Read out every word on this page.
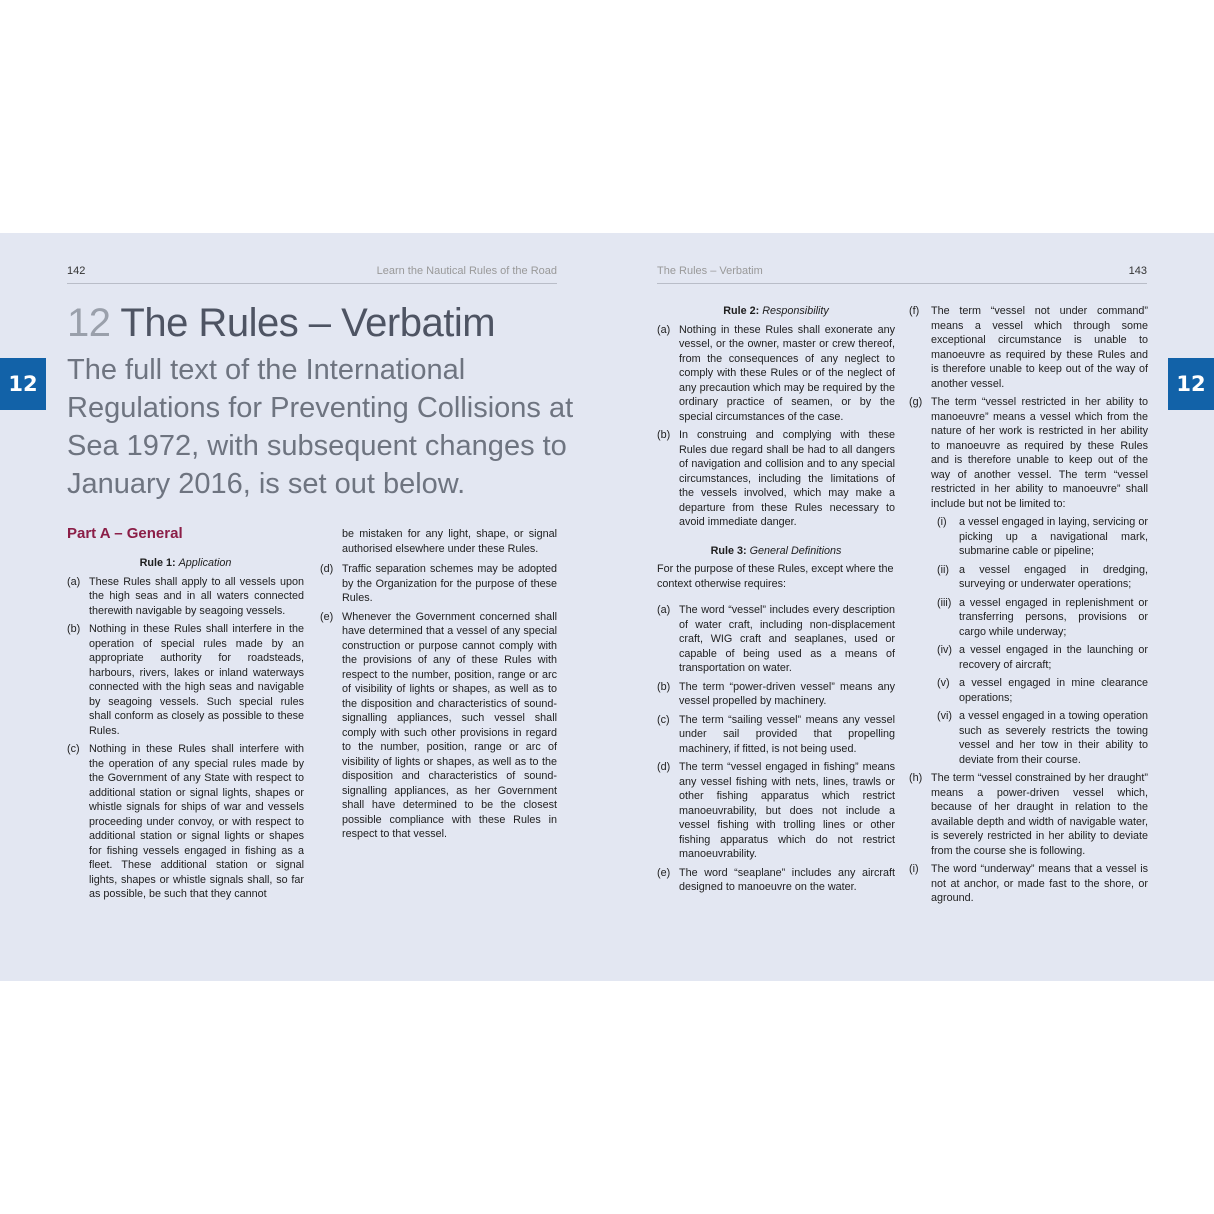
142	Learn the Nautical Rules of the Road
12
12 The Rules – Verbatim
The full text of the International Regulations for Preventing Collisions at Sea 1972, with subsequent changes to January 2016, is set out below.
Part A – General
Rule 1: Application
(a) These Rules shall apply to all vessels upon the high seas and in all waters connected therewith navigable by seagoing vessels.
(b) Nothing in these Rules shall interfere in the operation of special rules made by an appropriate authority for roadsteads, harbours, rivers, lakes or inland waterways connected with the high seas and navigable by seagoing vessels. Such special rules shall conform as closely as possible to these Rules.
(c) Nothing in these Rules shall interfere with the operation of any special rules made by the Government of any State with respect to additional station or signal lights, shapes or whistle signals for ships of war and vessels proceeding under convoy, or with respect to additional station or signal lights or shapes for fishing vessels engaged in fishing as a fleet. These additional station or signal lights, shapes or whistle signals shall, so far as possible, be such that they cannot
be mistaken for any light, shape, or signal authorised elsewhere under these Rules.
(d) Traffic separation schemes may be adopted by the Organization for the purpose of these Rules.
(e) Whenever the Government concerned shall have determined that a vessel of any special construction or purpose cannot comply with the provisions of any of these Rules with respect to the number, position, range or arc of visibility of lights or shapes, as well as to the disposition and characteristics of sound-signalling appliances, such vessel shall comply with such other provisions in regard to the number, position, range or arc of visibility of lights or shapes, as well as to the disposition and characteristics of sound-signalling appliances, as her Government shall have determined to be the closest possible compliance with these Rules in respect to that vessel.
The Rules – Verbatim	143
12
Rule 2: Responsibility
(a) Nothing in these Rules shall exonerate any vessel, or the owner, master or crew thereof, from the consequences of any neglect to comply with these Rules or of the neglect of any precaution which may be required by the ordinary practice of seamen, or by the special circumstances of the case.
(b) In construing and complying with these Rules due regard shall be had to all dangers of navigation and collision and to any special circumstances, including the limitations of the vessels involved, which may make a departure from these Rules necessary to avoid immediate danger.
Rule 3: General Definitions
For the purpose of these Rules, except where the context otherwise requires:
(a) The word “vessel” includes every description of water craft, including non-displacement craft, WIG craft and seaplanes, used or capable of being used as a means of transportation on water.
(b) The term “power-driven vessel” means any vessel propelled by machinery.
(c) The term “sailing vessel” means any vessel under sail provided that propelling machinery, if fitted, is not being used.
(d) The term “vessel engaged in fishing” means any vessel fishing with nets, lines, trawls or other fishing apparatus which restrict manoeuvrability, but does not include a vessel fishing with trolling lines or other fishing apparatus which do not restrict manoeuvrability.
(e) The word “seaplane” includes any aircraft designed to manoeuvre on the water.
(f) The term “vessel not under command” means a vessel which through some exceptional circumstance is unable to manoeuvre as required by these Rules and is therefore unable to keep out of the way of another vessel.
(g) The term “vessel restricted in her ability to manoeuvre” means a vessel which from the nature of her work is restricted in her ability to manoeuvre as required by these Rules and is therefore unable to keep out of the way of another vessel. The term “vessel restricted in her ability to manoeuvre” shall include but not be limited to:
(i) a vessel engaged in laying, servicing or picking up a navigational mark, submarine cable or pipeline;
(ii) a vessel engaged in dredging, surveying or underwater operations;
(iii) a vessel engaged in replenishment or transferring persons, provisions or cargo while underway;
(iv) a vessel engaged in the launching or recovery of aircraft;
(v) a vessel engaged in mine clearance operations;
(vi) a vessel engaged in a towing operation such as severely restricts the towing vessel and her tow in their ability to deviate from their course.
(h) The term “vessel constrained by her draught” means a power-driven vessel which, because of her draught in relation to the available depth and width of navigable water, is severely restricted in her ability to deviate from the course she is following.
(i) The word “underway” means that a vessel is not at anchor, or made fast to the shore, or aground.
